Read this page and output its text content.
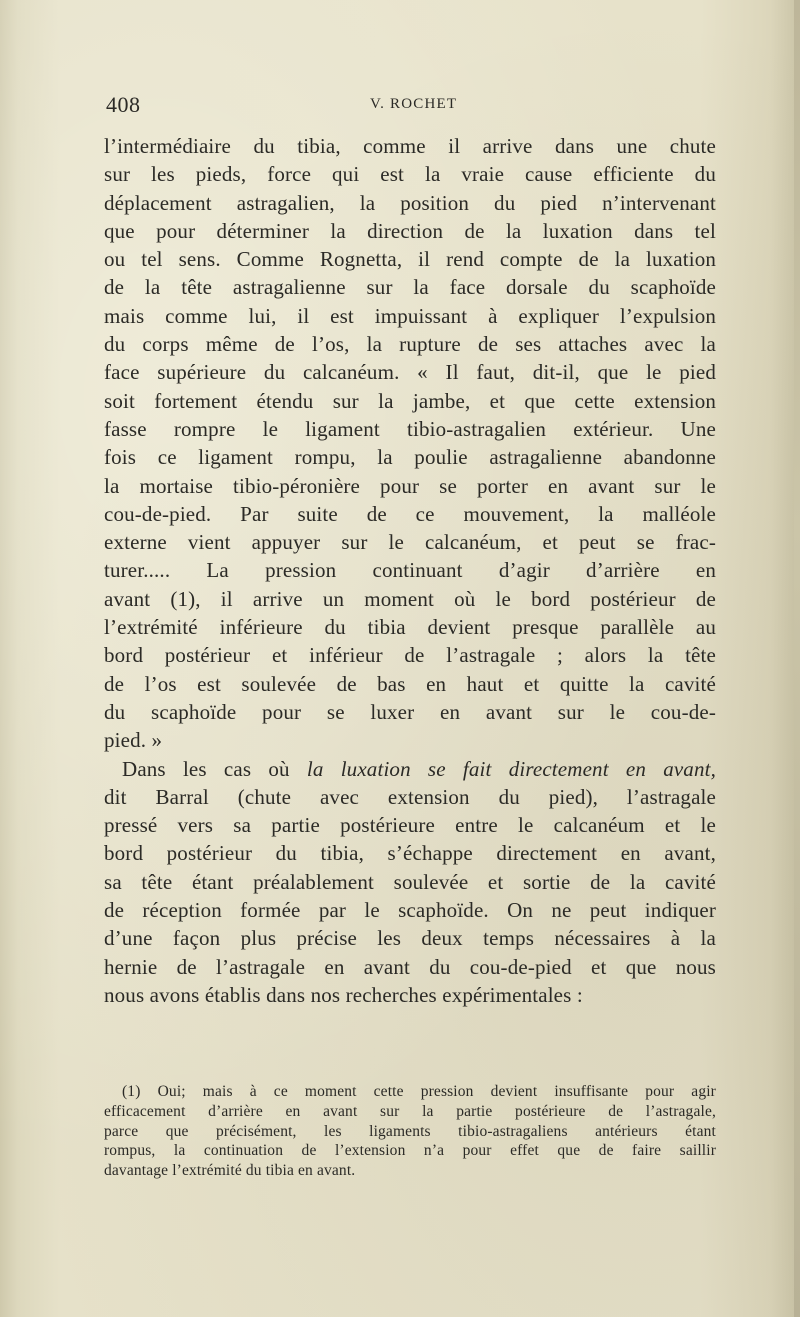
408	V. ROCHET
l’intermédiaire du tibia, comme il arrive dans une chute
sur les pieds, force qui est la vraie cause efficiente du
déplacement astragalien, la position du pied n’intervenant
que pour déterminer la direction de la luxation dans tel
ou tel sens. Comme Rognetta, il rend compte de la luxation
de la tête astragalienne sur la face dorsale du scaphoïde
mais comme lui, il est impuissant à expliquer l’expulsion
du corps même de l’os, la rupture de ses attaches avec la
face supérieure du calcanéum. « Il faut, dit-il, que le pied
soit fortement étendu sur la jambe, et que cette extension
fasse rompre le ligament tibio-astragalien extérieur. Une
fois ce ligament rompu, la poulie astragalienne abandonne
la mortaise tibio-péronière pour se porter en avant sur le
cou-de-pied. Par suite de ce mouvement, la malléole
externe vient appuyer sur le calcanéum, et peut se frac-
turer..... La pression continuant d’agir d’arrière en
avant (1), il arrive un moment où le bord postérieur de
l’extrémité inférieure du tibia devient presque parallèle au
bord postérieur et inférieur de l’astragale ; alors la tête
de l’os est soulevée de bas en haut et quitte la cavité
du scaphoïde pour se luxer en avant sur le cou-de-
pied. »
Dans les cas où la luxation se fait directement en avant,
dit Barral (chute avec extension du pied), l’astragale
pressé vers sa partie postérieure entre le calcanéum et le
bord postérieur du tibia, s’échappe directement en avant,
sa tête étant préalablement soulevée et sortie de la cavité
de réception formée par le scaphoïde. On ne peut indiquer
d’une façon plus précise les deux temps nécessaires à la
hernie de l’astragale en avant du cou-de-pied et que nous
nous avons établis dans nos recherches expérimentales :
(1) Oui; mais à ce moment cette pression devient insuffisante pour agir
efficacement d’arrière en avant sur la partie postérieure de l’astragale,
parce que précisément, les ligaments tibio-astragaliens antérieurs étant
rompus, la continuation de l’extension n’a pour effet que de faire saillir
davantage l’extrémité du tibia en avant.
